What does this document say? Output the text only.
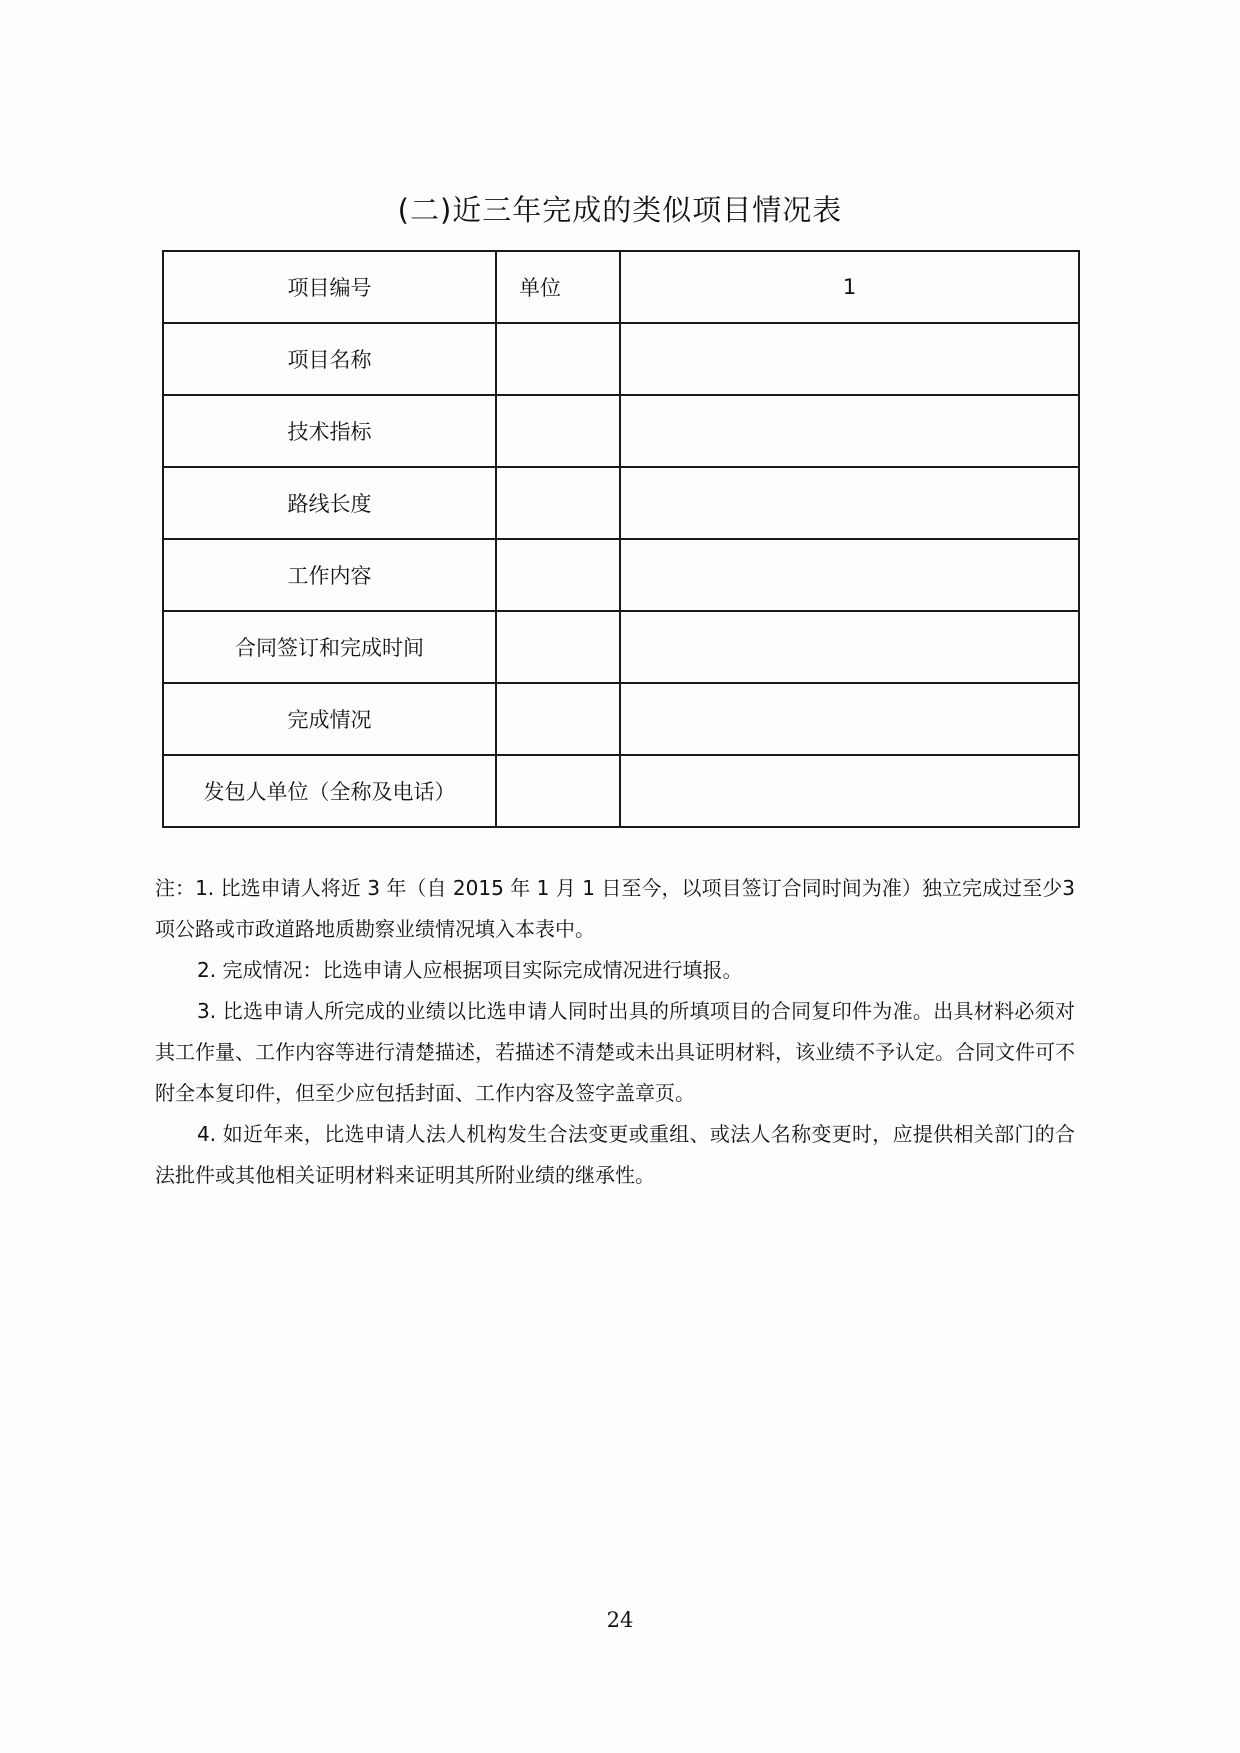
(二)近三年完成的类似项目情况表
项目编号	单位	1
项目名称		
技术指标		
路线长度		
工作内容		
合同签订和完成时间		
完成情况		
发包人单位（全称及电话）		

注：1. 比选申请人将近 3 年（自 2015 年 1 月 1 日至今，以项目签订合同时间为准）独立完成过至少3项公路或市政道路地质勘察业绩情况填入本表中。

2. 完成情况：比选申请人应根据项目实际完成情况进行填报。

3. 比选申请人所完成的业绩以比选申请人同时出具的所填项目的合同复印件为准。出具材料必须对其工作量、工作内容等进行清楚描述，若描述不清楚或未出具证明材料，该业绩不予认定。合同文件可不附全本复印件，但至少应包括封面、工作内容及签字盖章页。

4. 如近年来，比选申请人法人机构发生合法变更或重组、或法人名称变更时，应提供相关部门的合法批件或其他相关证明材料来证明其所附业绩的继承性。

24
